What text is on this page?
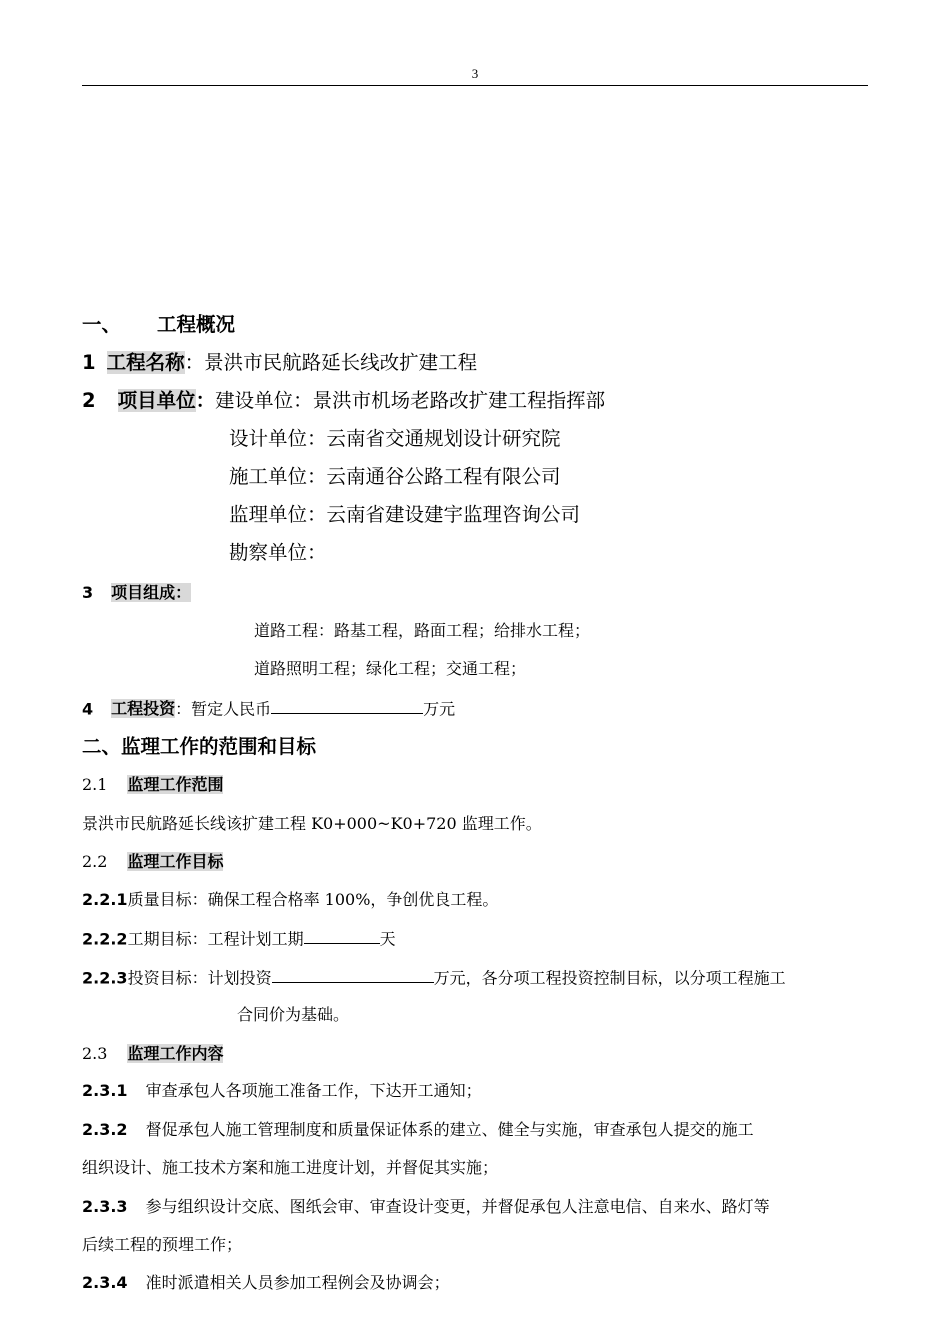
3
一、 工程概况
1 工程名称：景洪市民航路延长线改扩建工程
2 项目单位：建设单位：景洪市机场老路改扩建工程指挥部
设计单位：云南省交通规划设计研究院
施工单位：云南通谷公路工程有限公司
监理单位：云南省建设建宇监理咨询公司
勘察单位：
3 项目组成：
道路工程：路基工程，路面工程；给排水工程；
道路照明工程；绿化工程；交通工程；
4 工程投资：暂定人民币	万元
二、监理工作的范围和目标
2.1 监理工作范围
景洪市民航路延长线该扩建工程 K0+000~K0+720 监理工作。
2.2 监理工作目标
2.2.1质量目标：确保工程合格率 100%，争创优良工程。
2.2.2工期目标：工程计划工期	天
2.2.3投资目标：计划投资	万元，各分项工程投资控制目标，以分项工程施工
合同价为基础。
2.3 监理工作内容
2.3.1 审查承包人各项施工准备工作，下达开工通知；
2.3.2 督促承包人施工管理制度和质量保证体系的建立、健全与实施，审查承包人提交的施工
组织设计、施工技术方案和施工进度计划，并督促其实施；
2.3.3 参与组织设计交底、图纸会审、审查设计变更，并督促承包人注意电信、自来水、路灯等
后续工程的预埋工作；
2.3.4 准时派遣相关人员参加工程例会及协调会；
